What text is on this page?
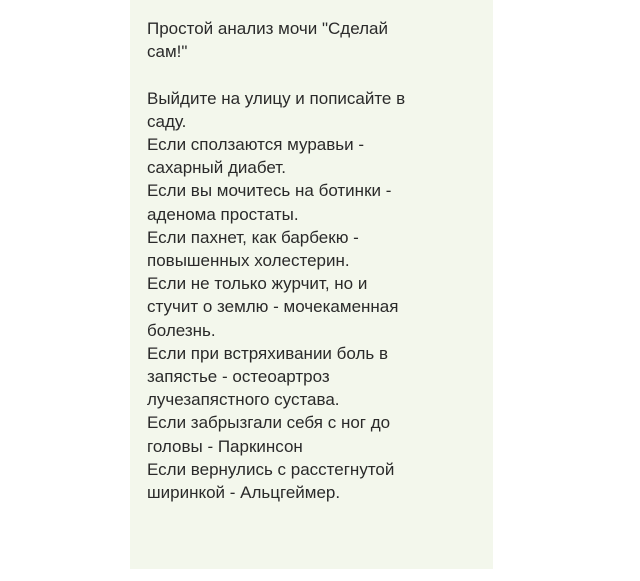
Простой анализ мочи "Сделай
сам!"
Выйдите на улицу и пописайте в
саду.
Если сползаются муравьи -
сахарный диабет.
Если вы мочитесь на ботинки -
аденома простаты.
Если пахнет, как барбекю -
повышенных холестерин.
Если не только журчит, но и
стучит о землю - мочекаменная
болезнь.
Если при встряхивании боль в
запястье - остеоартроз
лучезапястного сустава.
Если забрызгали себя с ног до
головы - Паркинсон
Если вернулись с расстегнутой
ширинкой - Альцгеймер.
